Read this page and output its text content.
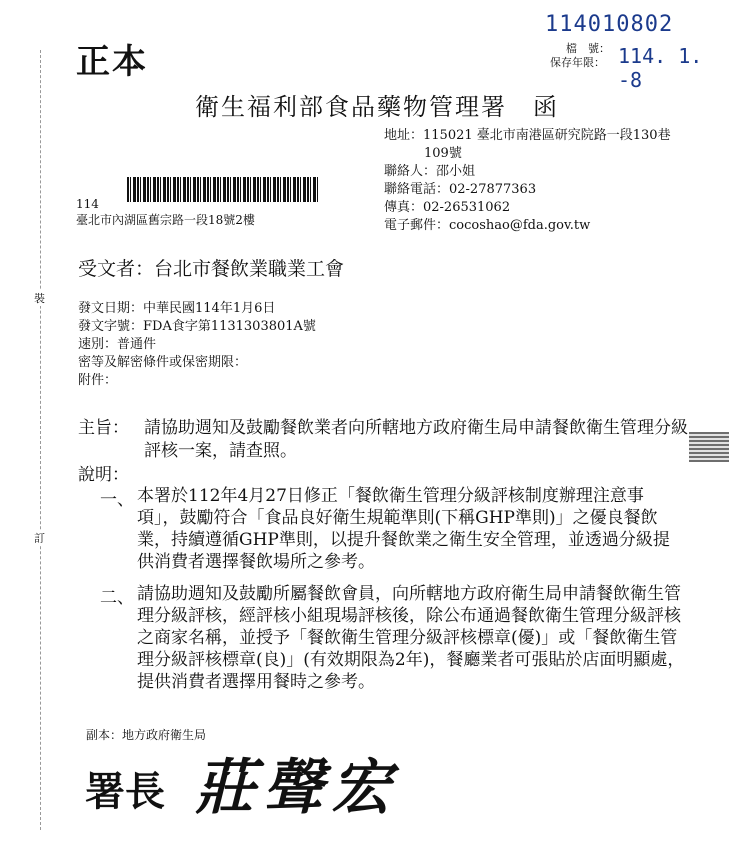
裝
訂
正本
114010802
檔　號：
保存年限： 114. 1. -8
衛生福利部食品藥物管理署　函
地址：115021 臺北市南港區研究院路一段130巷
109號
聯絡人：邵小姐
聯絡電話：02-27877363
傳真：02-26531062
電子郵件：cocoshao@fda.gov.tw
114
臺北市內湖區舊宗路一段18號2樓
受文者：台北市餐飲業職業工會
發文日期：中華民國114年1月6日
發文字號：FDA食字第1131303801A號
速別：普通件
密等及解密條件或保密期限：
附件：
主旨： 請協助週知及鼓勵餐飲業者向所轄地方政府衛生局申請餐飲衛生管理分級評核一案，請查照。
說明：
一、 本署於112年4月27日修正「餐飲衛生管理分級評核制度辦理注意事項」，鼓勵符合「食品良好衛生規範準則(下稱GHP準則)」之優良餐飲業，持續遵循GHP準則，以提升餐飲業之衛生安全管理，並透過分級提供消費者選擇餐飲場所之參考。
二、 請協助週知及鼓勵所屬餐飲會員，向所轄地方政府衛生局申請餐飲衛生管理分級評核，經評核小組現場評核後，除公布通過餐飲衛生管理分級評核之商家名稱，並授予「餐飲衛生管理分級評核標章(優)」或「餐飲衛生管理分級評核標章(良)」(有效期限為2年)，餐廳業者可張貼於店面明顯處，提供消費者選擇用餐時之參考。
副本：地方政府衛生局
署長 莊聲宏
